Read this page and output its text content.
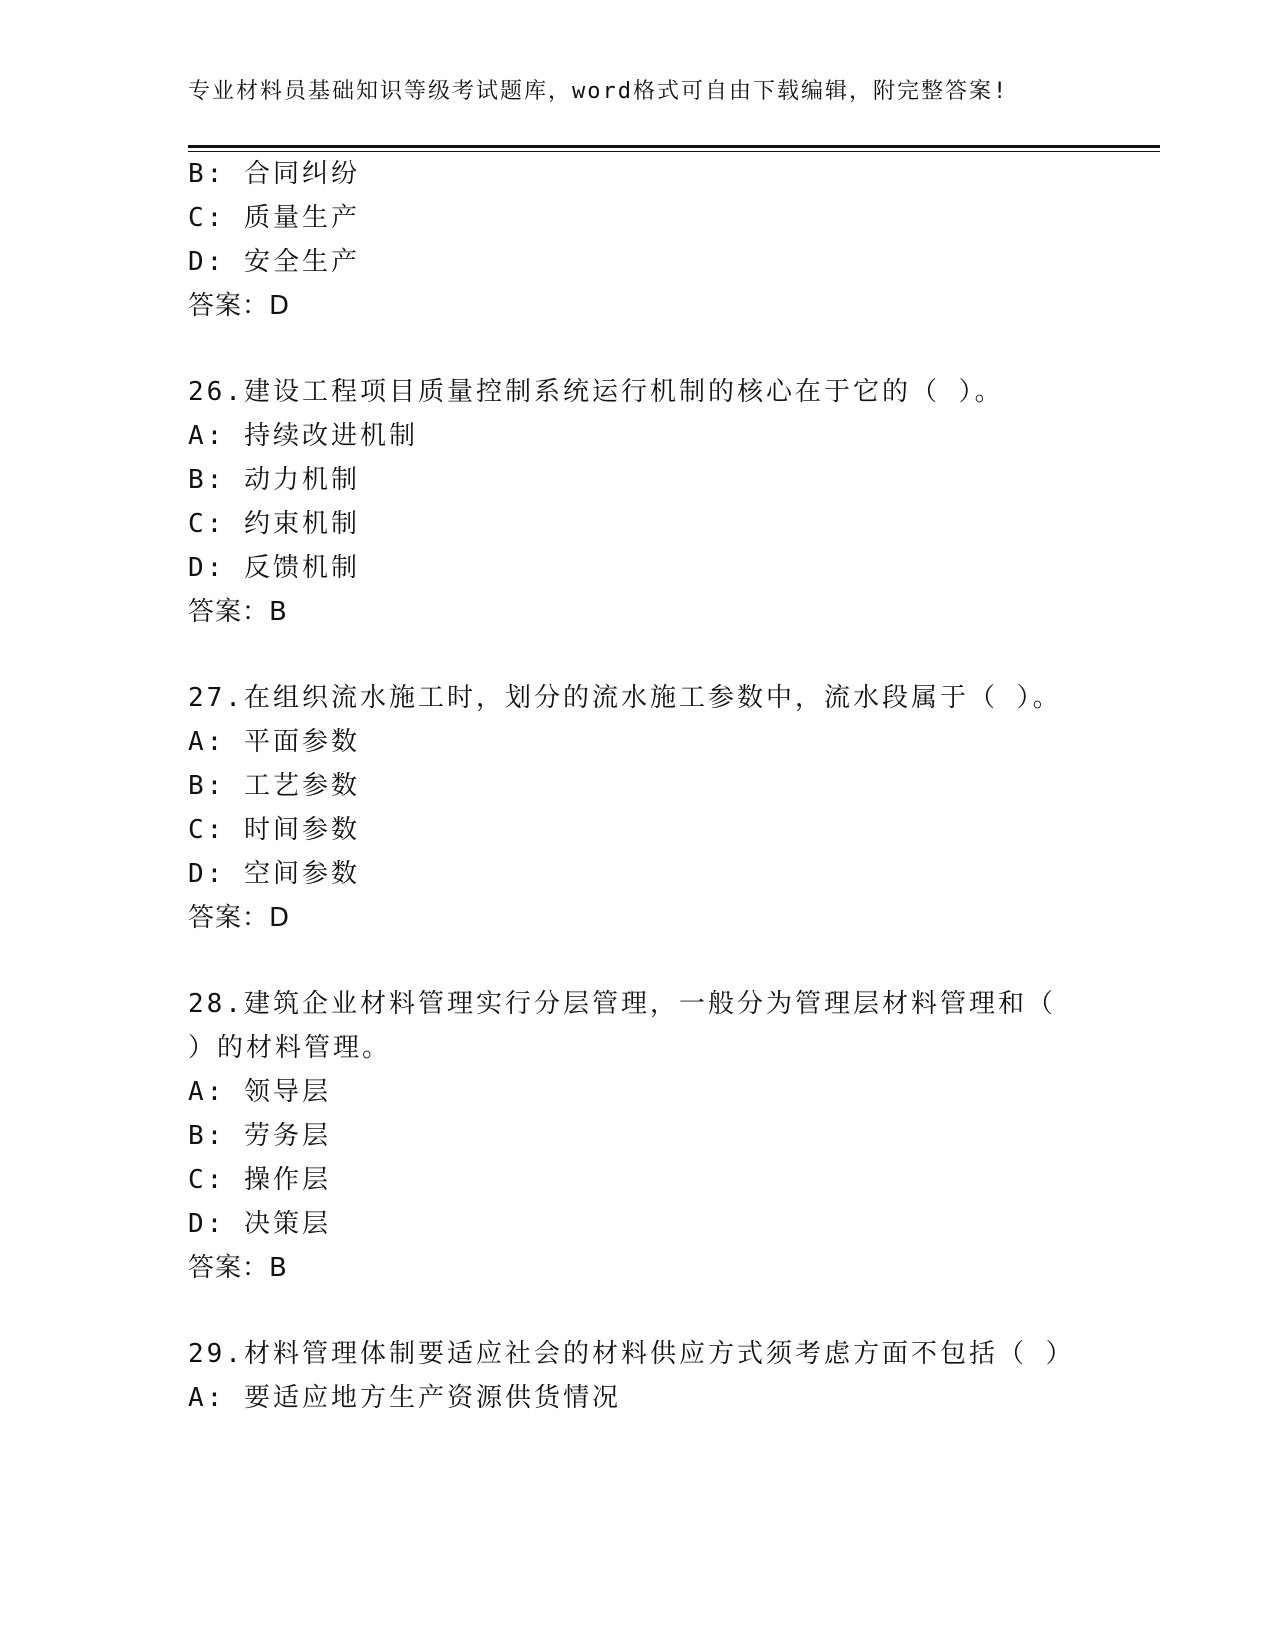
专业材料员基础知识等级考试题库，word格式可自由下载编辑，附完整答案!
B: 合同纠纷
C: 质量生产
D: 安全生产
答案：D
26.建设工程项目质量控制系统运行机制的核心在于它的（ ）。
A: 持续改进机制
B: 动力机制
C: 约束机制
D: 反馈机制
答案：B
27.在组织流水施工时，划分的流水施工参数中，流水段属于（ ）。
A: 平面参数
B: 工艺参数
C: 时间参数
D: 空间参数
答案：D
28.建筑企业材料管理实行分层管理，一般分为管理层材料管理和（
）的材料管理。
A: 领导层
B: 劳务层
C: 操作层
D: 决策层
答案：B
29.材料管理体制要适应社会的材料供应方式须考虑方面不包括（ ）
A: 要适应地方生产资源供货情况
